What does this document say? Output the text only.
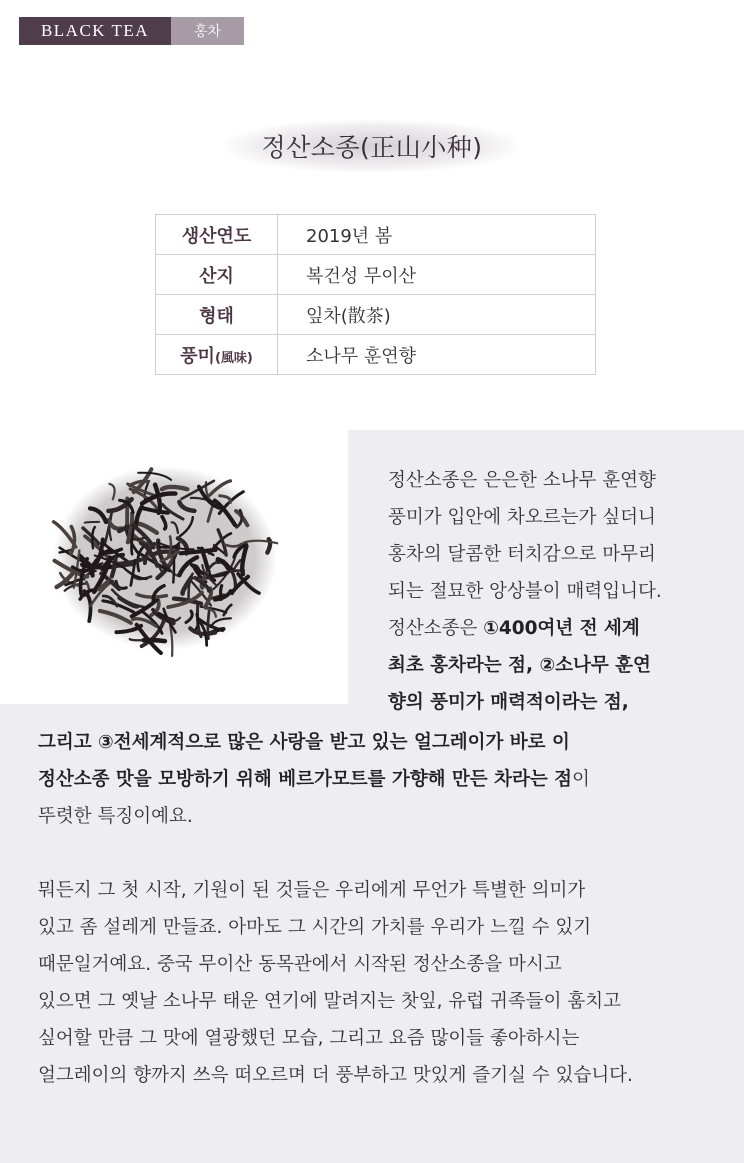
BLACK TEA	홍차
정산소종(正山小种)
생산연도	2019년 봄
산지	복건성 무이산
형태	잎차(散茶)
풍미(風味)	소나무 훈연향
정산소종은 은은한 소나무 훈연향
풍미가 입안에 차오르는가 싶더니
홍차의 달콤한 터치감으로 마무리
되는 절묘한 앙상블이 매력입니다.
정산소종은 ①400여년 전 세계
최초 홍차라는 점, ②소나무 훈연
향의 풍미가 매력적이라는 점,

그리고 ③전세계적으로 많은 사랑을 받고 있는 얼그레이가 바로 이
정산소종 맛을 모방하기 위해 베르가모트를 가향해 만든 차라는 점이
뚜렷한 특징이예요.

뭐든지 그 첫 시작, 기원이 된 것들은 우리에게 무언가 특별한 의미가
있고 좀 설레게 만들죠. 아마도 그 시간의 가치를 우리가 느낄 수 있기
때문일거예요. 중국 무이산 동목관에서 시작된 정산소종을 마시고
있으면 그 옛날 소나무 태운 연기에 말려지는 찻잎, 유럽 귀족들이 훔치고
싶어할 만큼 그 맛에 열광했던 모습, 그리고 요즘 많이들 좋아하시는
얼그레이의 향까지 쓰윽 떠오르며 더 풍부하고 맛있게 즐기실 수 있습니다.
